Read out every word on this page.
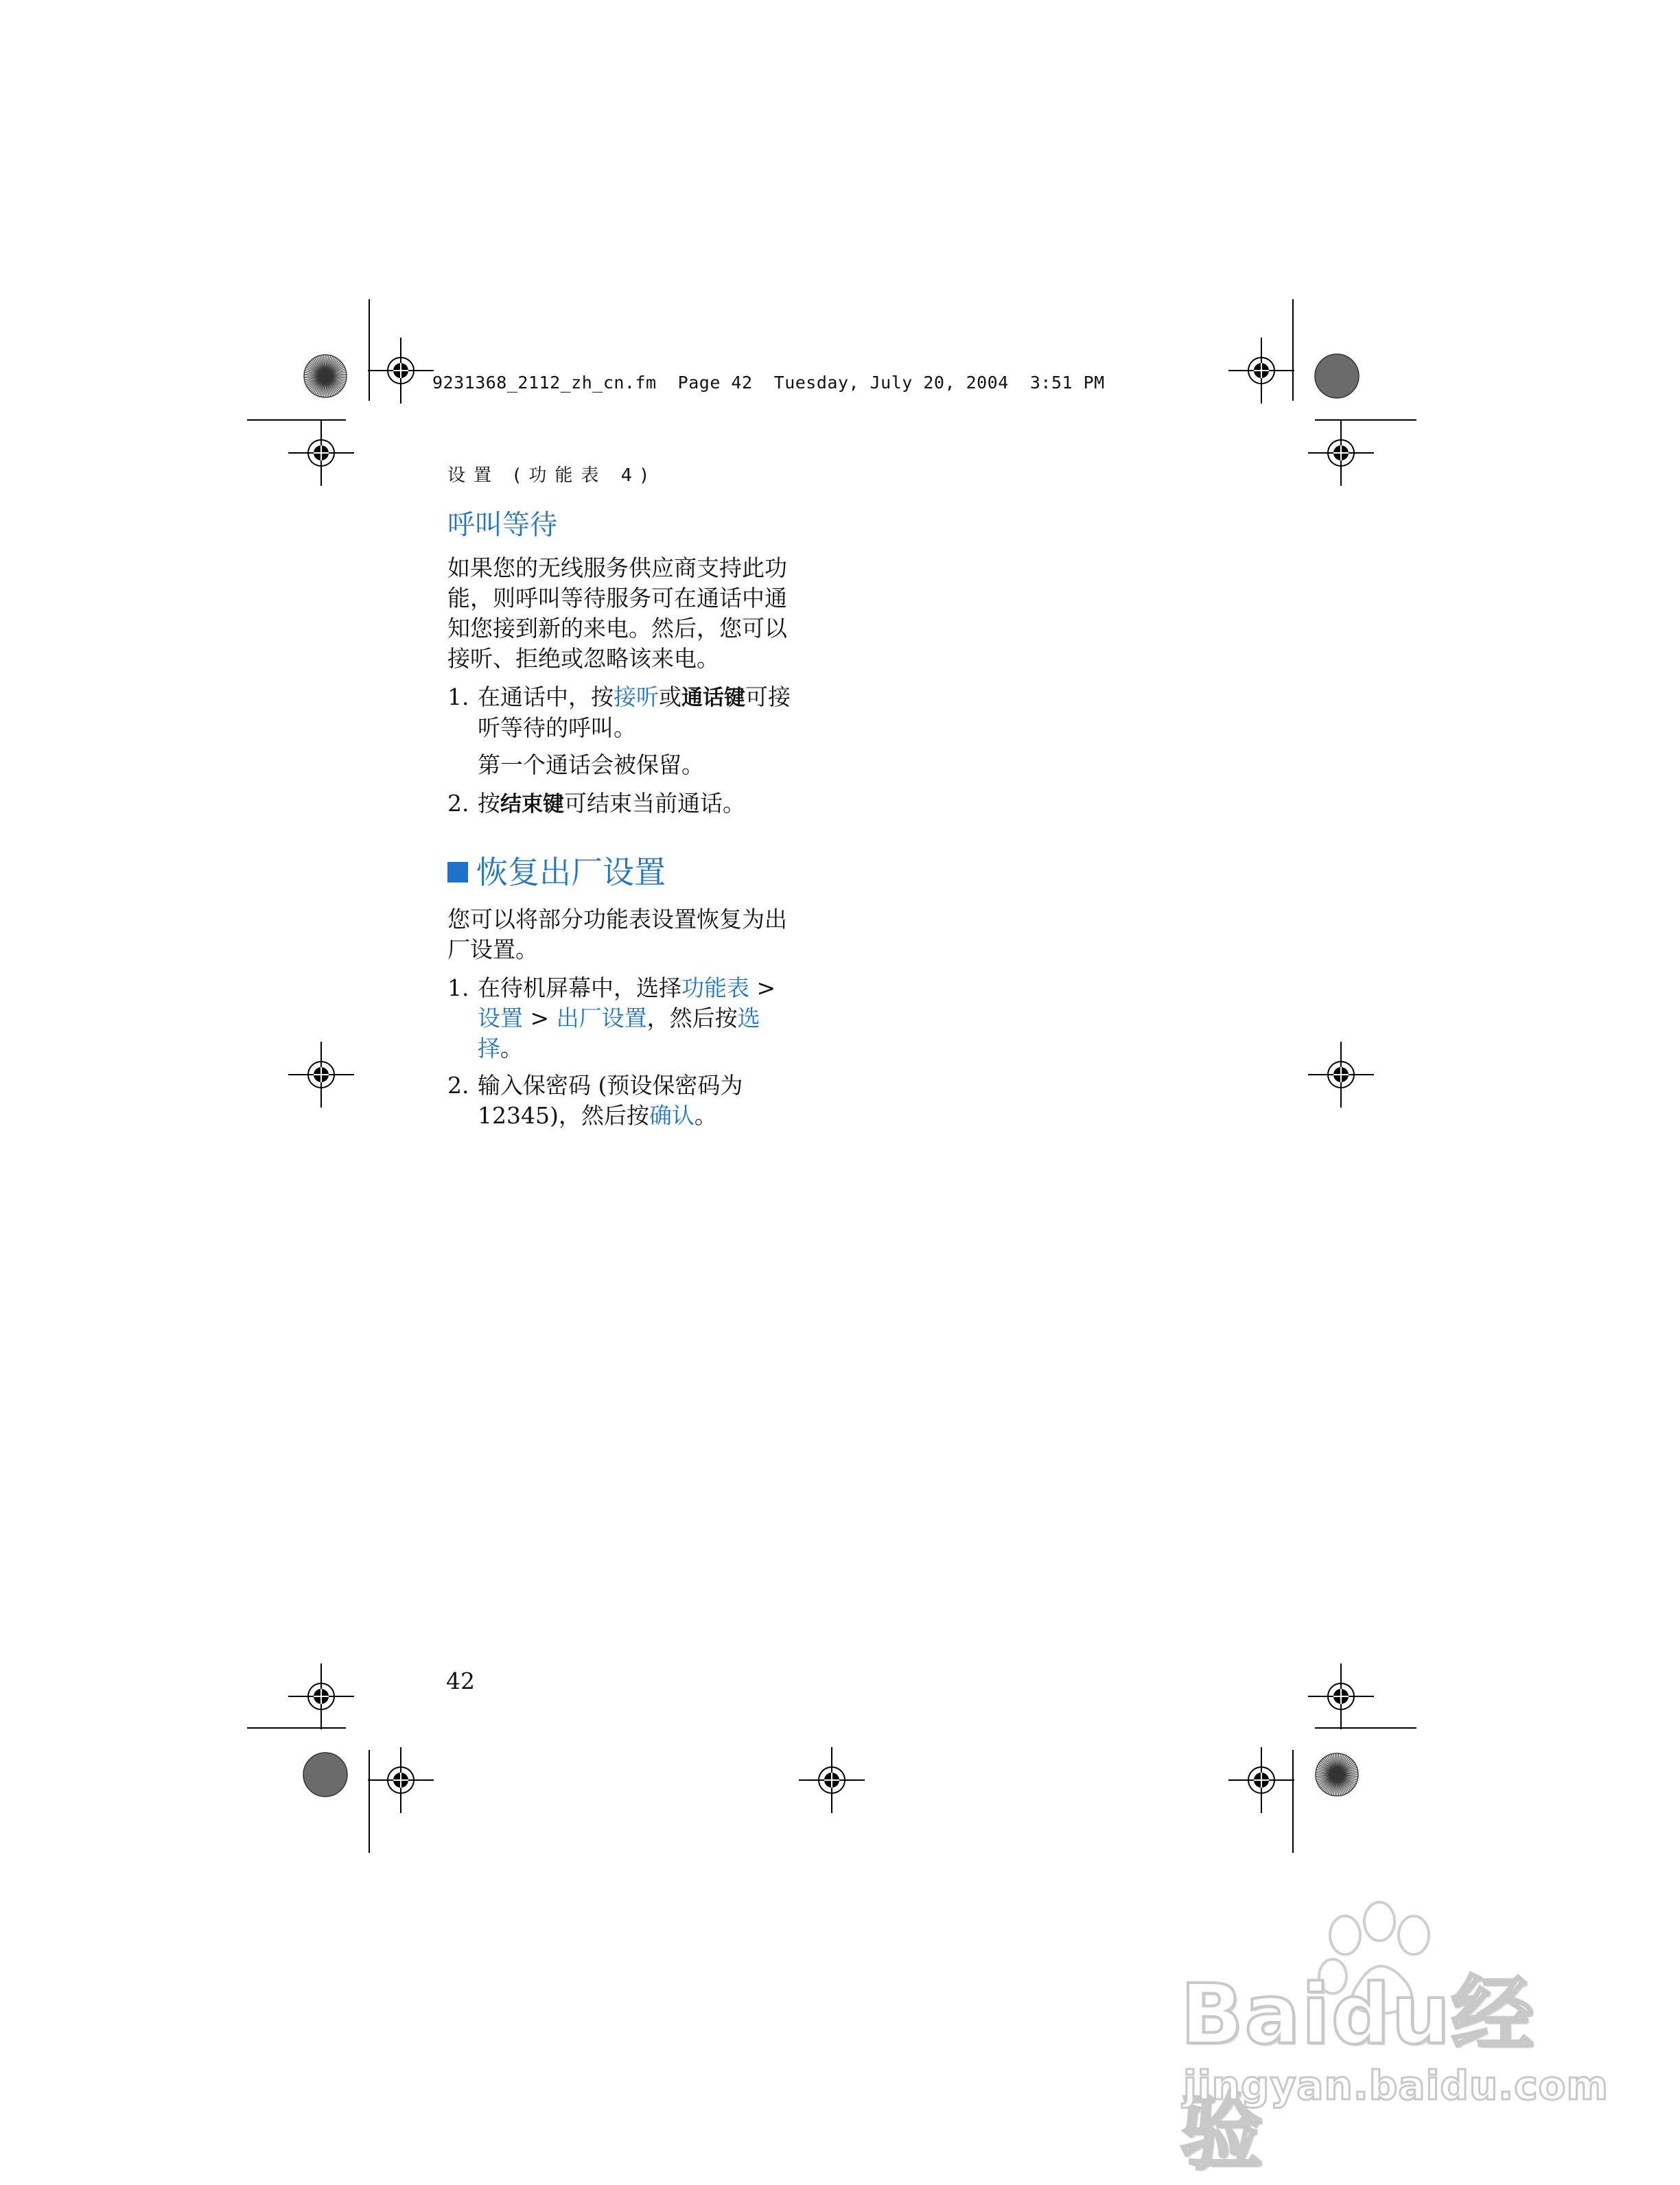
9231368_2112_zh_cn.fm  Page 42  Tuesday, July 20, 2004  3:51 PM
设置 (功能表 4)
呼叫等待

如果您的无线服务供应商支持此功能，则呼叫等待服务可在通话中通知您接到新的来电。然后，您可以接听、拒绝或忽略该来电。

1. 在通话中，按接听或通话键可接听等待的呼叫。
第一个通话会被保留。
2. 按结束键可结束当前通话。
恢复出厂设置

您可以将部分功能表设置恢复为出厂设置。

1. 在待机屏幕中，选择功能表 > 设置 > 出厂设置，然后按选择。
2. 输入保密码 (预设保密码为 12345)，然后按确认。
42
Baidu经验
jingyan.baidu.com
